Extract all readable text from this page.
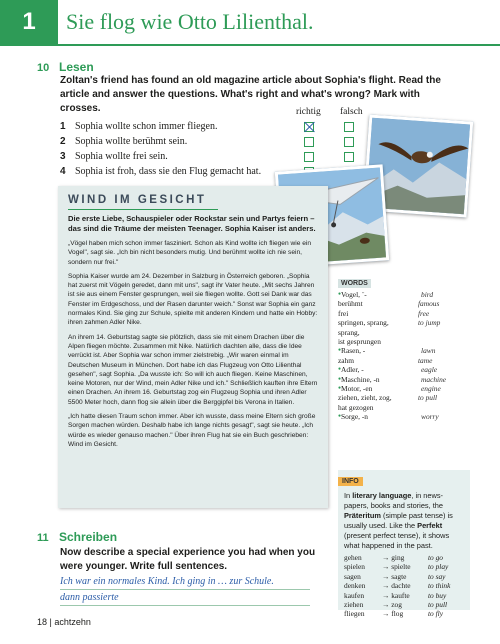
1	Sie flog wie Otto Lilienthal.
10 Lesen
Zoltan's friend has found an old magazine article about Sophia's flight. Read the article and answer the questions. What's right and what's wrong? Mark with crosses.	richtig falsch
1 Sophia wollte schon immer fliegen.
2 Sophia wollte berühmt sein.
3 Sophia wollte frei sein.
4 Sophia ist froh, dass sie den Flug gemacht hat.
WIND IM GESICHT
Die erste Liebe, Schauspieler oder Rockstar sein und Partys feiern – das sind die Träume der meisten Teenager. Sophia Kaiser ist anders.
„Vögel haben mich schon immer fasziniert. Schon als Kind wollte ich fliegen wie ein Vogel", sagt sie. „Ich bin nicht besonders mutig. Und berühmt wollte ich nie sein, sondern nur frei."
Sophia Kaiser wurde am 24. Dezember in Salzburg in Österreich geboren. „Sophia hat zuerst mit Vögeln geredet, dann mit uns", sagt ihr Vater heute. „Mit sechs Jahren ist sie aus einem Fenster gesprungen, weil sie fliegen wollte. Gott sei Dank war das Fenster im Erdgeschoss, und der Rasen darunter weich." Sonst war Sophia ein ganz normales Kind. Sie ging zur Schule, spielte mit anderen Kindern und hatte ein Hobby: ihren zahmen Adler Nike.
An ihrem 14. Geburtstag sagte sie plötzlich, dass sie mit einem Drachen über die Alpen fliegen möchte. Zusammen mit Nike. Natürlich dachten alle, dass die Idee verrückt ist. Aber Sophia war schon immer zielstrebig. „Wir waren einmal im Deutschen Museum in München. Dort habe ich das Flugzeug von Otto Lilienthal gesehen", sagt Sophia. „Da wusste ich: So will ich auch fliegen. Keine Maschinen, keine Motoren, nur der Wind, mein Adler Nike und ich." Schließlich kauften ihre Eltern einen Drachen. An ihrem 16. Geburtstag zog ein Flugzeug Sophia und ihren Adler 5500 Meter hoch, dann flog sie allein über die Berggipfel bis Verona in Italien.
„Ich hatte diesen Traum schon immer. Aber ich wusste, dass meine Eltern sich große Sorgen machen würden. Deshalb habe ich lange nichts gesagt", sagt sie heute. „Ich würde es wieder genauso machen." Über ihren Flug hat sie ein Buch geschrieben: Wind im Gesicht.
WORDS
● Vogel, ¨-	bird
berühmt	famous
frei	free
springen, sprang,	to jump
sprang,
ist gesprungen
● Rasen, -	lawn
zahm	tame
● Adler, -	eagle
● Maschine, -n	machine
● Motor, -en	engine
ziehen, zieht, zog,	to pull
hat gezogen
● Sorge, -n	worry
INFO
In literary language, in news-papers, books and stories, the Präteritum (simple past tense) is usually used. Like the Perfekt (present perfect tense), it shows what happened in the past.
gehen	→ ging	to go
spielen	→ spielte	to play
sagen	→ sagte	to say
denken	→ dachte	to think
kaufen	→ kaufte	to buy
ziehen	→ zog	to pull
fliegen	→ flog	to fly
11 Schreiben
Now describe a special experience you had when you were younger. Write full sentences.
Ich war ein normales Kind. Ich ging in … zur Schule.
dann passierte
18 | achtzehn
